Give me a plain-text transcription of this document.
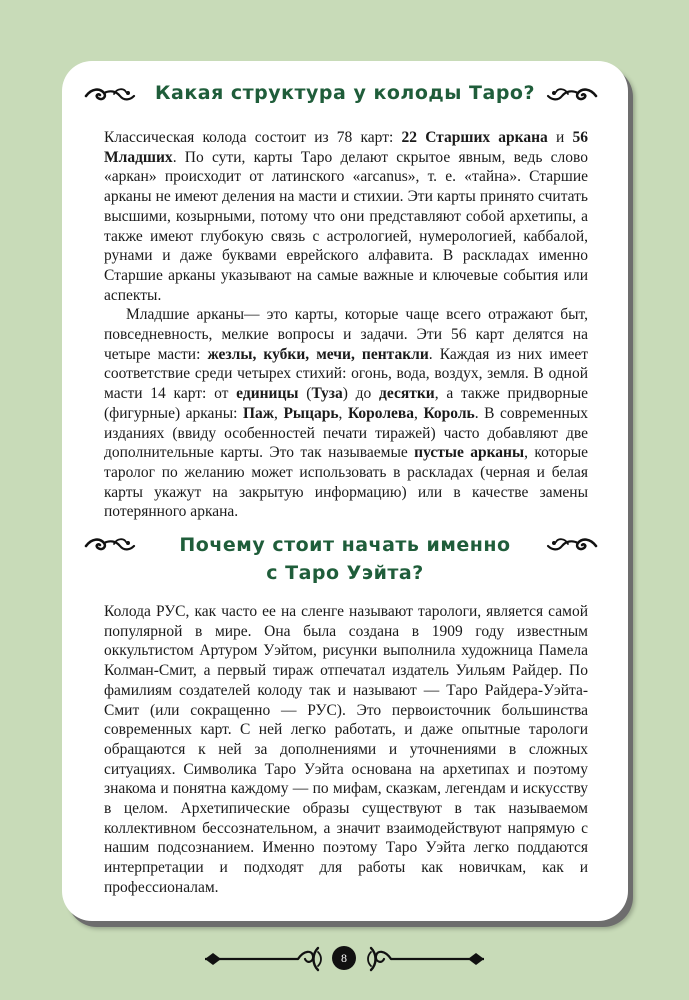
Какая структура у колоды Таро?

Классическая колода состоит из 78 карт: 22 Старших аркана и 56 Младших. По сути, карты Таро делают скрытое явным, ведь слово «аркан» происходит от латинского «arcanus», т. е. «тайна». Старшие арканы не имеют деления на масти и стихии. Эти карты принято считать высшими, козырными, потому что они представляют собой архетипы, а также имеют глубокую связь с астрологией, нумерологией, каббалой, рунами и даже буквами еврейского алфавита. В раскладах именно Старшие арканы указывают на самые важные и ключевые события или аспекты.

Младшие арканы— это карты, которые чаще всего отражают быт, повседневность, мелкие вопросы и задачи. Эти 56 карт делятся на четыре масти: жезлы, кубки, мечи, пентакли. Каждая из них имеет соответствие среди четырех стихий: огонь, вода, воздух, земля. В одной масти 14 карт: от единицы (Туза) до десятки, а также придворные (фигурные) арканы: Паж, Рыцарь, Королева, Король. В современных изданиях (ввиду особенностей печати тиражей) часто добавляют две дополнительные карты. Это так называемые пустые арканы, которые таролог по желанию может использовать в раскладах (черная и белая карты укажут на закрытую информацию) или в качестве замены потерянного аркана.

Почему стоит начать именно
с Таро Уэйта?

Колода РУС, как часто ее на сленге называют тарологи, является самой популярной в мире. Она была создана в 1909 году известным оккультистом Артуром Уэйтом, рисунки выполнила художница Памела Колман-Смит, а первый тираж отпечатал издатель Уильям Райдер. По фамилиям создателей колоду так и называют — Таро Райдера-Уэйта-Смит (или сокращенно — РУС). Это первоисточник большинства современных карт. С ней легко работать, и даже опытные тарологи обращаются к ней за дополнениями и уточнениями в сложных ситуациях. Символика Таро Уэйта основана на архетипах и поэтому знакома и понятна каждому — по мифам, сказкам, легендам и искусству в целом. Архетипические образы существуют в так называемом коллективном бессознательном, а значит взаимодействуют напрямую с нашим подсознанием. Именно поэтому Таро Уэйта легко поддаются интерпретации и подходят для работы как новичкам, как и профессионалам.

8
